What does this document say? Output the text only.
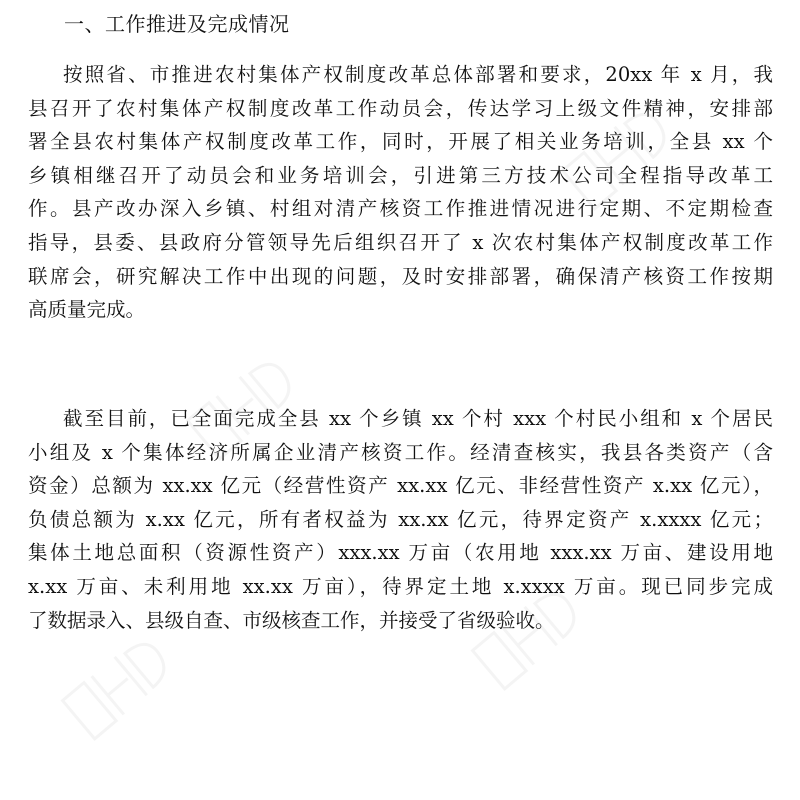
一、工作推进及完成情况
按照省、市推进农村集体产权制度改革总体部署和要求，20xx 年 x 月，我
县召开了农村集体产权制度改革工作动员会，传达学习上级文件精神，安排部
署全县农村集体产权制度改革工作，同时，开展了相关业务培训，全县 xx 个
乡镇相继召开了动员会和业务培训会，引进第三方技术公司全程指导改革工
作。县产改办深入乡镇、村组对清产核资工作推进情况进行定期、不定期检查
指导，县委、县政府分管领导先后组织召开了 x 次农村集体产权制度改革工作
联席会，研究解决工作中出现的问题，及时安排部署，确保清产核资工作按期
高质量完成。
截至目前，已全面完成全县 xx 个乡镇 xx 个村 xxx 个村民小组和 x 个居民
小组及 x 个集体经济所属企业清产核资工作。经清查核实，我县各类资产（含
资金）总额为 xx.xx 亿元（经营性资产 xx.xx 亿元、非经营性资产 x.xx 亿元），
负债总额为 x.xx 亿元，所有者权益为 xx.xx 亿元，待界定资产 x.xxxx 亿元；
集体土地总面积（资源性资产）xxx.xx 万亩（农用地 xxx.xx 万亩、建设用地
x.xx 万亩、未利用地 xx.xx 万亩），待界定土地 x.xxxx 万亩。现已同步完成
了数据录入、县级自查、市级核查工作，并接受了省级验收。
